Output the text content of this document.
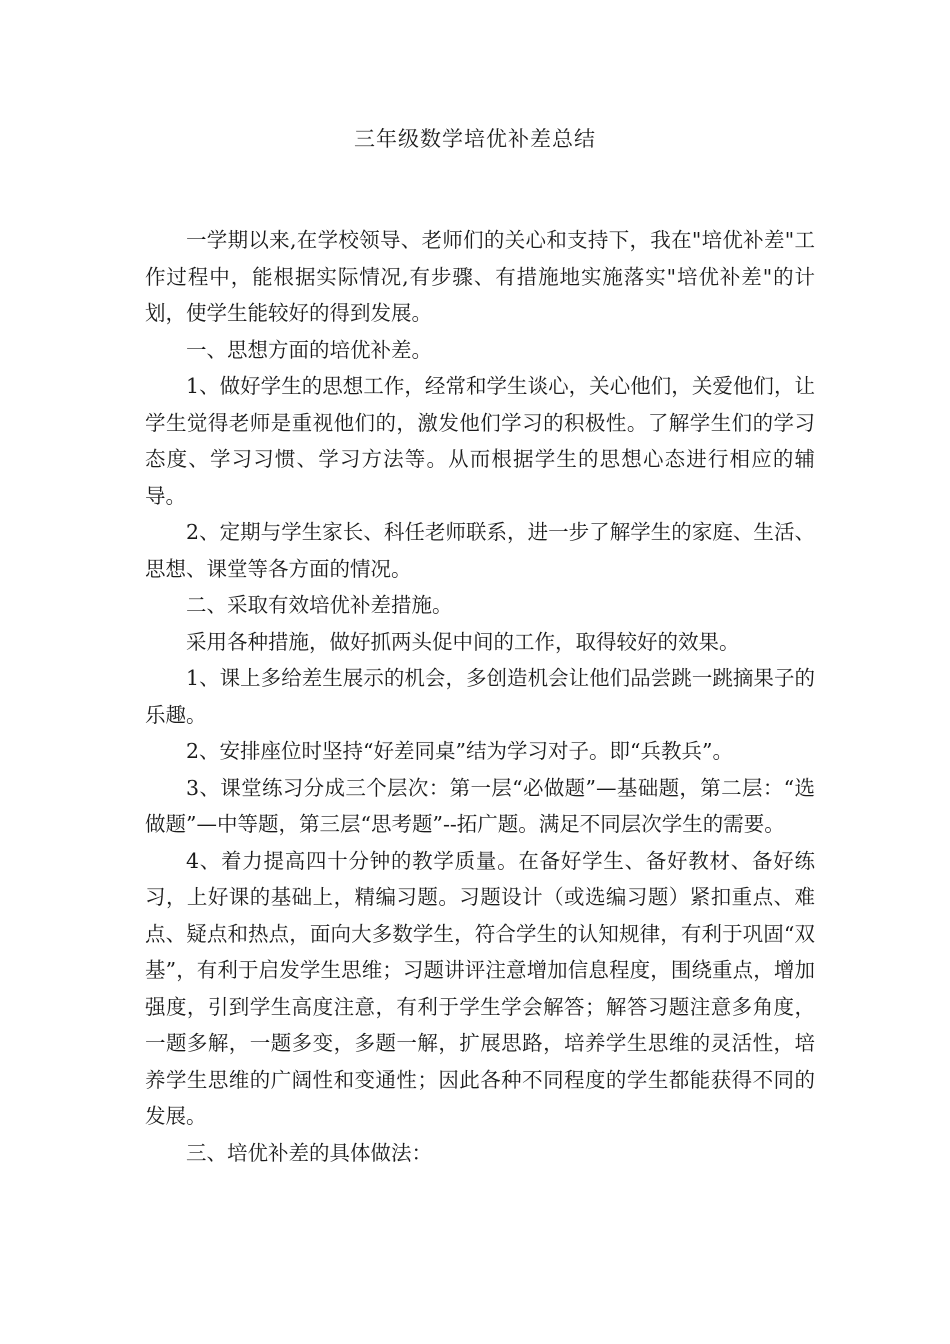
三年级数学培优补差总结

一学期以来,在学校领导、老师们的关心和支持下，我在"培优补差"工作过程中，能根据实际情况,有步骤、有措施地实施落实"培优补差"的计划，使学生能较好的得到发展。

一、思想方面的培优补差。

1、做好学生的思想工作，经常和学生谈心，关心他们，关爱他们，让学生觉得老师是重视他们的，激发他们学习的积极性。了解学生们的学习态度、学习习惯、学习方法等。从而根据学生的思想心态进行相应的辅导。

2、定期与学生家长、科任老师联系，进一步了解学生的家庭、生活、思想、课堂等各方面的情况。

二、采取有效培优补差措施。

采用各种措施，做好抓两头促中间的工作，取得较好的效果。

1、课上多给差生展示的机会，多创造机会让他们品尝跳一跳摘果子的乐趣。

2、安排座位时坚持“好差同桌”结为学习对子。即“兵教兵”。

3、课堂练习分成三个层次：第一层“必做题”—基础题，第二层：“选做题”—中等题，第三层“思考题”--拓广题。满足不同层次学生的需要。

4、着力提高四十分钟的教学质量。在备好学生、备好教材、备好练习，上好课的基础上，精编习题。习题设计（或选编习题）紧扣重点、难点、疑点和热点，面向大多数学生，符合学生的认知规律，有利于巩固“双基”，有利于启发学生思维；习题讲评注意增加信息程度，围绕重点，增加强度，引到学生高度注意，有利于学生学会解答；解答习题注意多角度，一题多解，一题多变，多题一解，扩展思路，培养学生思维的灵活性，培养学生思维的广阔性和变通性；因此各种不同程度的学生都能获得不同的发展。

三、培优补差的具体做法：
